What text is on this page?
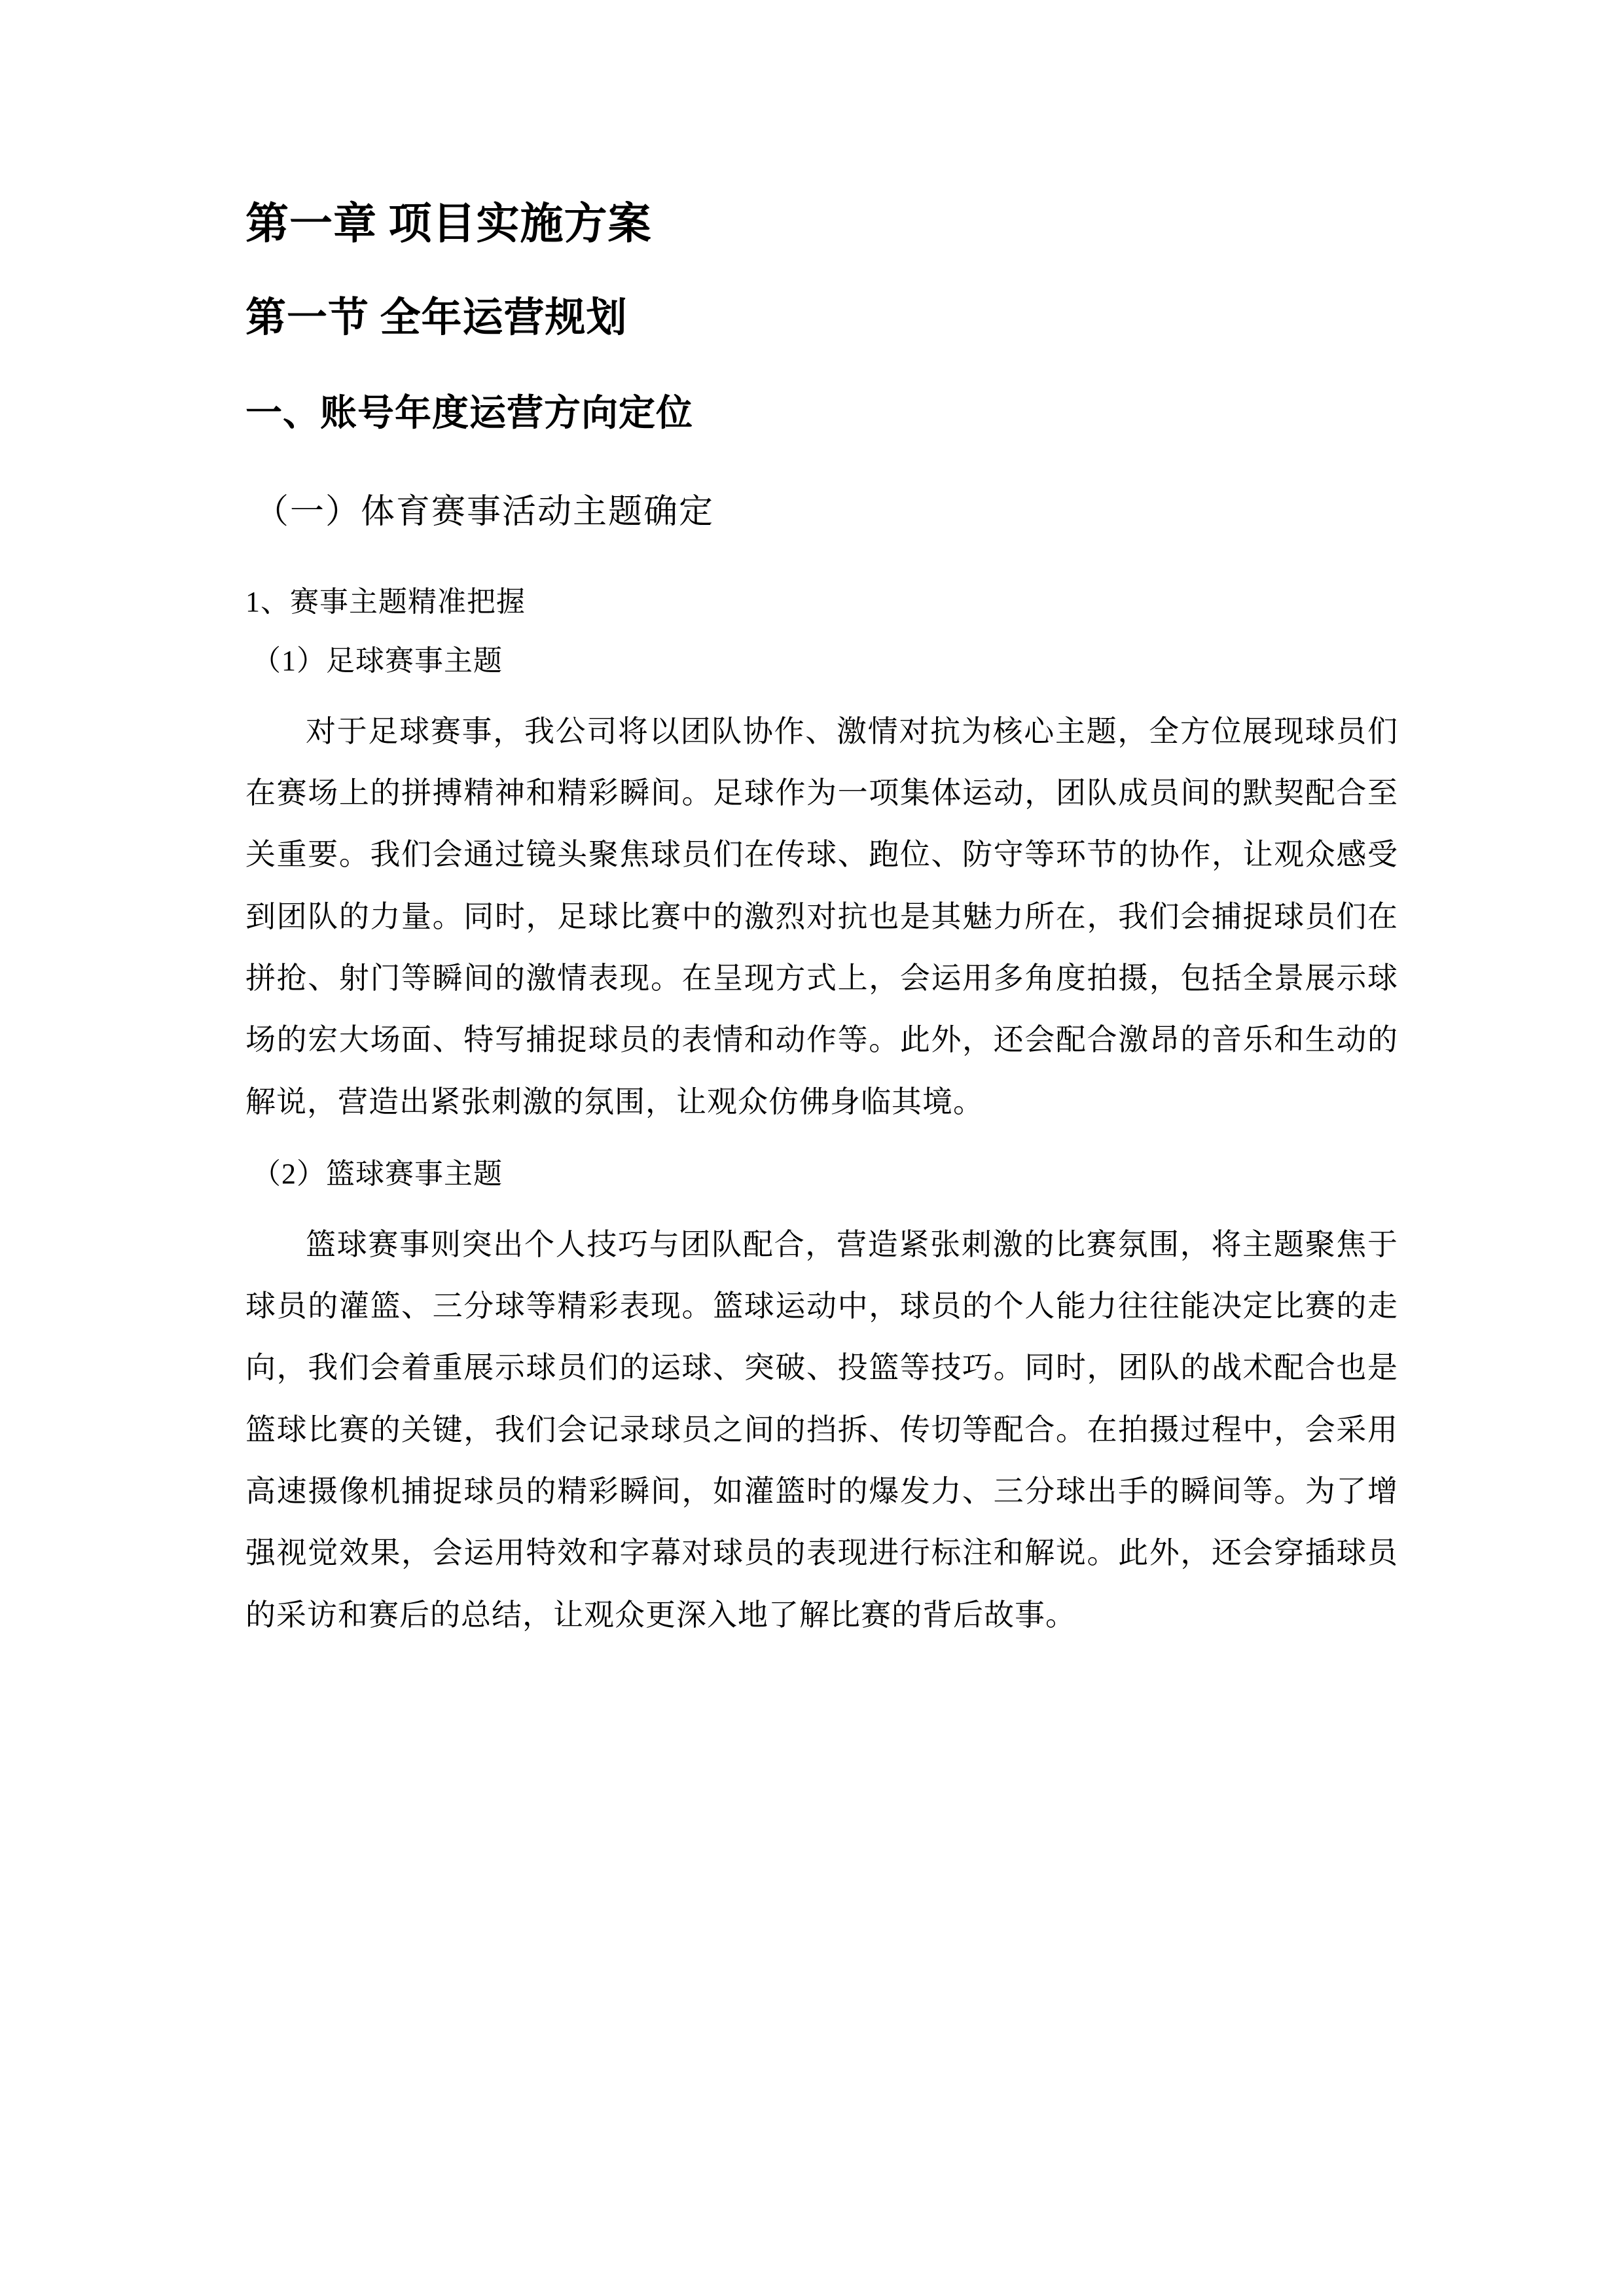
第一章 项目实施方案
第一节 全年运营规划
一、账号年度运营方向定位
（一）体育赛事活动主题确定
1、赛事主题精准把握
（1）足球赛事主题

对于足球赛事，我公司将以团队协作、激情对抗为核心主题，全方位展现球员们在赛场上的拼搏精神和精彩瞬间。足球作为一项集体运动，团队成员间的默契配合至关重要。我们会通过镜头聚焦球员们在传球、跑位、防守等环节的协作，让观众感受到团队的力量。同时，足球比赛中的激烈对抗也是其魅力所在，我们会捕捉球员们在拼抢、射门等瞬间的激情表现。在呈现方式上，会运用多角度拍摄，包括全景展示球场的宏大场面、特写捕捉球员的表情和动作等。此外，还会配合激昂的音乐和生动的解说，营造出紧张刺激的氛围，让观众仿佛身临其境。

（2）篮球赛事主题

篮球赛事则突出个人技巧与团队配合，营造紧张刺激的比赛氛围，将主题聚焦于球员的灌篮、三分球等精彩表现。篮球运动中，球员的个人能力往往能决定比赛的走向，我们会着重展示球员们的运球、突破、投篮等技巧。同时，团队的战术配合也是篮球比赛的关键，我们会记录球员之间的挡拆、传切等配合。在拍摄过程中，会采用高速摄像机捕捉球员的精彩瞬间，如灌篮时的爆发力、三分球出手的瞬间等。为了增强视觉效果，会运用特效和字幕对球员的表现进行标注和解说。此外，还会穿插球员的采访和赛后的总结，让观众更深入地了解比赛的背后故事。
